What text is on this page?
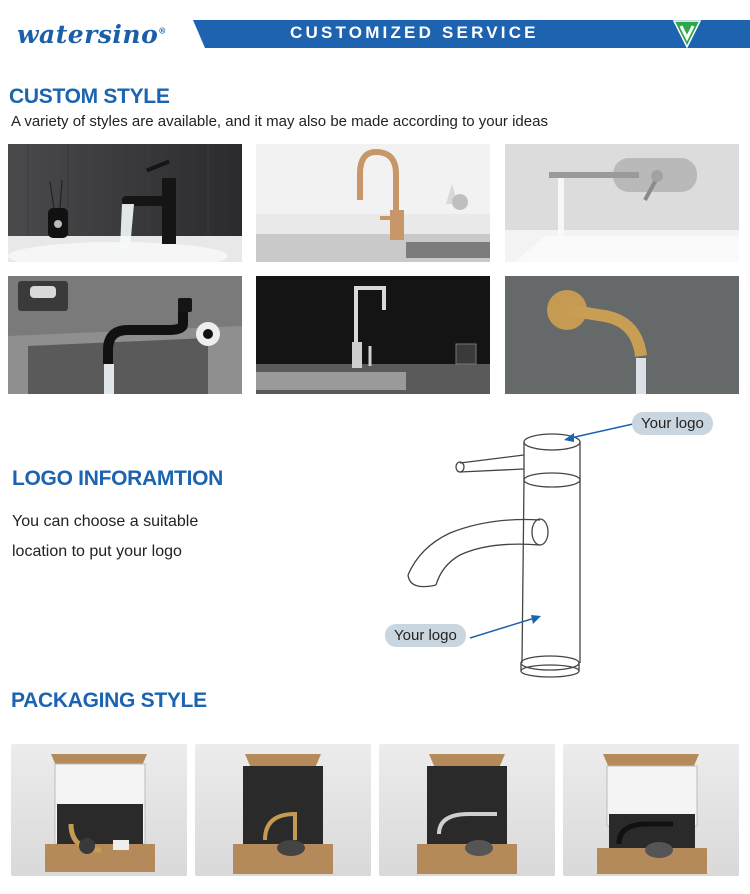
watersino®	CUSTOMIZED SERVICE
CUSTOM STYLE
A variety of styles are available, and it may also be made according to your ideas
LOGO INFORAMTION
You can choose a suitable location to put your logo
Your logo
Your logo
PACKAGING STYLE
